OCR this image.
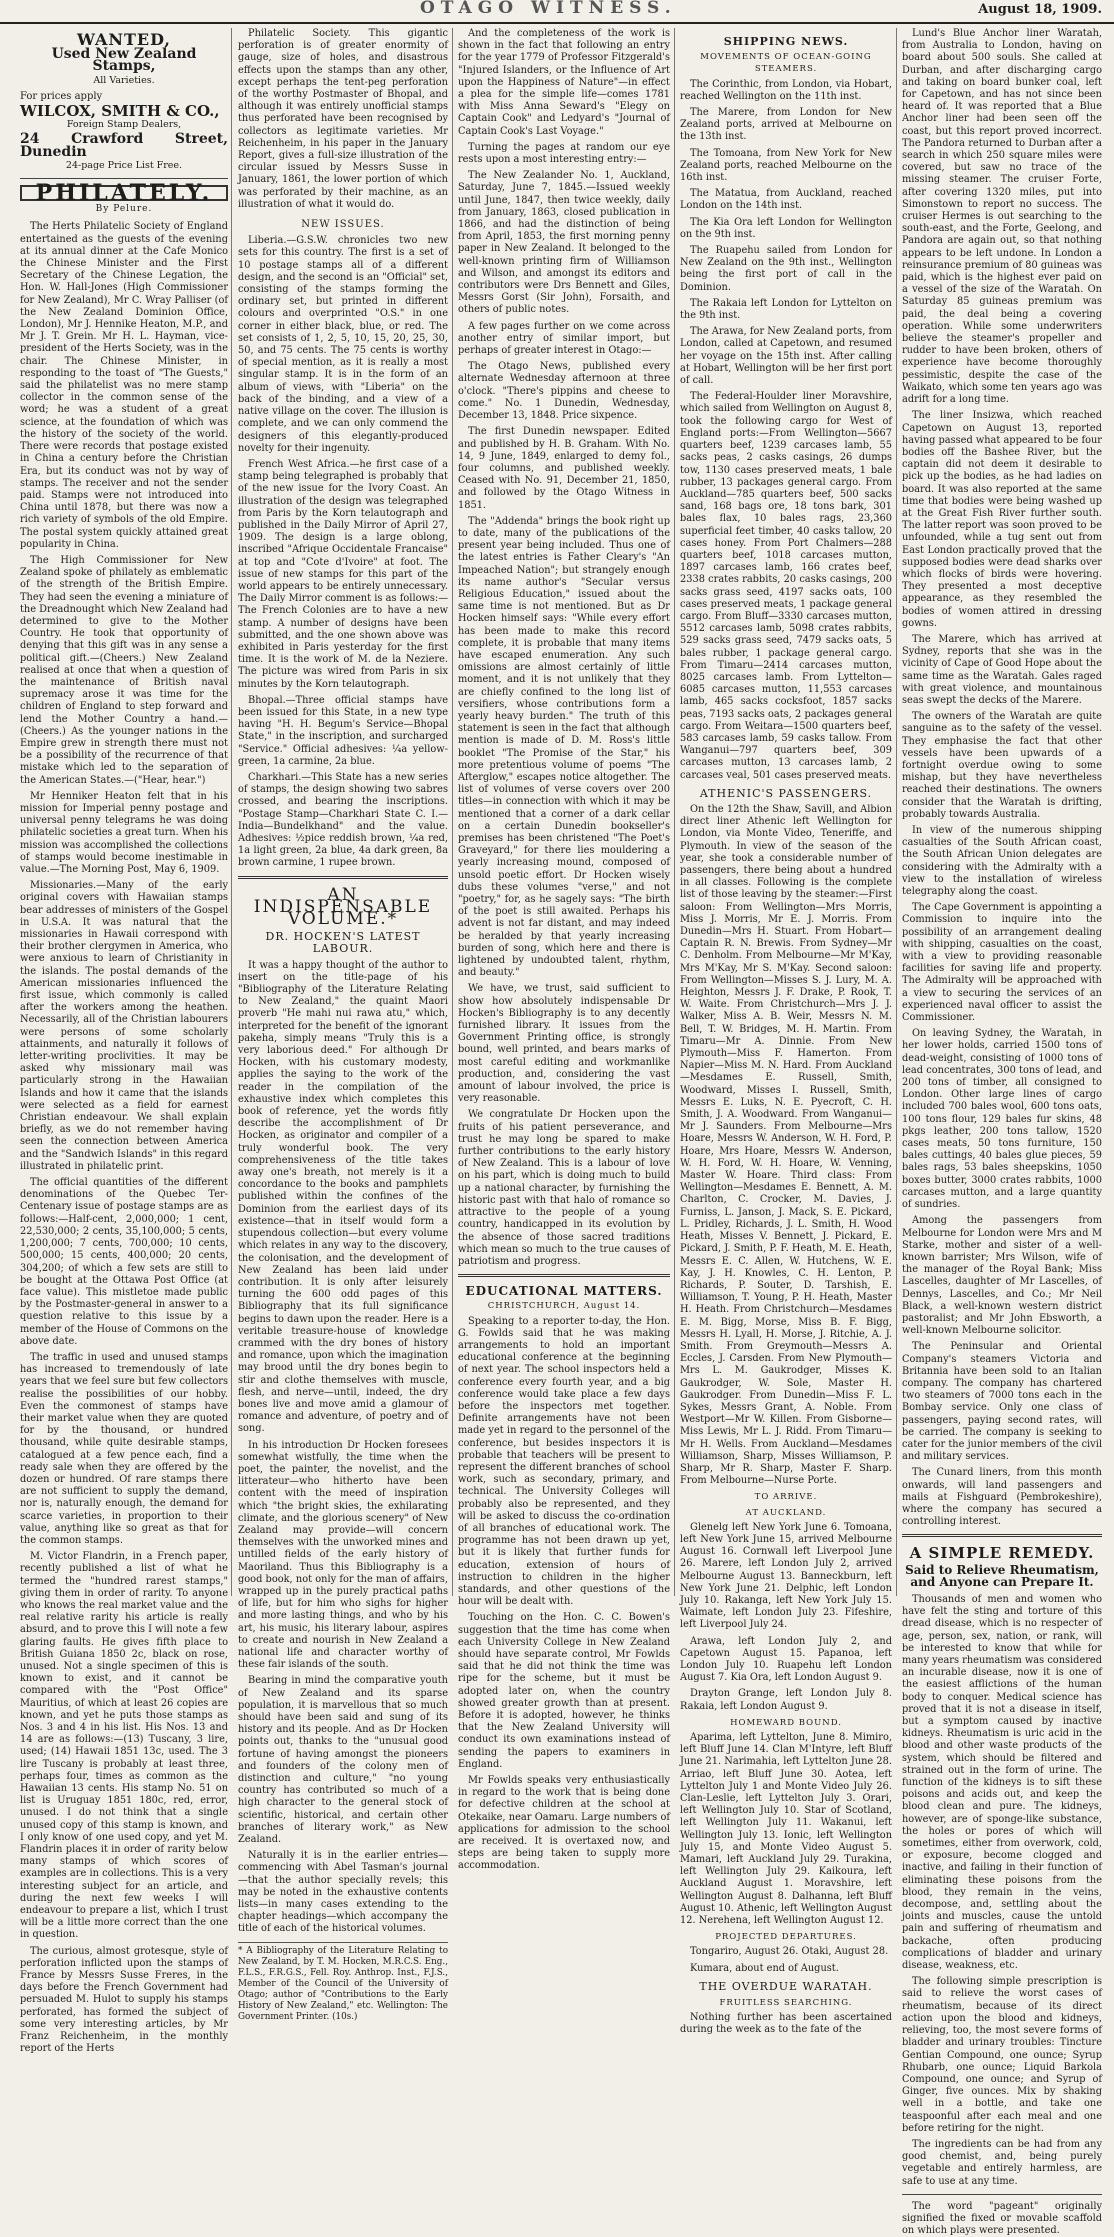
OTAGO WITNESS.	August 18, 1909.
WANTED,
Used New Zealand Stamps,
All Varieties.
For prices apply
WILCOX, SMITH & CO.,
Foreign Stamp Dealers,
24 Crawford Street, Dunedin
24-page Price List Free.
PHILATELY.
By Pelure.

The Herts Philatelic Society of England entertained as the guests of the evening at its annual dinner at the Cafe Monico the Chinese Minister and the First Secretary of the Chinese Legation, the Hon. W. Hall-Jones (High Commissioner for New Zealand), Mr C. Wray Palliser (of the New Zealand Dominion Office, London), Mr J. Hennike Heaton, M.P., and Mr J. T. Grein. Mr H. L. Hayman, vice-president of the Herts Society, was in the chair. The Chinese Minister, in responding to the toast of "The Guests," said the philatelist was no mere stamp collector in the common sense of the word; he was a student of a great science, at the foundation of which was the history of the society of the world. There were records that postage existed in China a century before the Christian Era, but its conduct was not by way of stamps. The receiver and not the sender paid. Stamps were not introduced into China until 1878, but there was now a rich variety of symbols of the old Empire. The postal system quickly attained great popularity in China.

The High Commissioner for New Zealand spoke of philately as emblematic of the strength of the British Empire. They had seen the evening a miniature of the Dreadnought which New Zealand had determined to give to the Mother Country. He took that opportunity of denying that this gift was in any sense a political gift.—(Cheers.) New Zealand realised at once that when a question of the maintenance of British naval supremacy arose it was time for the children of England to step forward and lend the Mother Country a hand.—(Cheers.) As the younger nations in the Empire grew in strength there must not be a possibility of the recurrence of that mistake which led to the separation of the American States.—("Hear, hear.")

Mr Henniker Heaton felt that in his mission for Imperial penny postage and universal penny telegrams he was doing philatelic societies a great turn. When his mission was accomplished the collections of stamps would become inestimable in value.—The Morning Post, May 6, 1909.

Missionaries.—Many of the early original covers with Hawaiian stamps bear addresses of ministers of the Gospel in U.S.A. It was natural that the missionaries in Hawaii correspond with their brother clergymen in America, who were anxious to learn of Christianity in the islands. The postal demands of the American missionaries influenced the first issue, which commonly is called after the workers among the heathen. Necessarily, all of the Christian labourers were persons of some scholarly attainments, and naturally it follows of letter-writing proclivities. It may be asked why missionary mail was particularly strong in the Hawaiian Islands and how it came that the islands were selected as a field for earnest Christian endeavour. We shall explain briefly, as we do not remember having seen the connection between America and the "Sandwich Islands" in this regard illustrated in philatelic print.

The official quantities of the different denominations of the Quebec Ter-Centenary issue of postage stamps are as follows:—Half-cent, 2,000,000; 1 cent, 22,530,000; 2 cents, 35,100,000; 5 cents, 1,200,000; 7 cents, 700,000; 10 cents, 500,000; 15 cents, 400,000; 20 cents, 304,200; of which a few sets are still to be bought at the Ottawa Post Office (at face value). This mistletoe made public by the Postmaster-general in answer to a question relative to this issue by a member of the House of Commons on the above date.

The traffic in used and unused stamps has increased to tremendously of late years that we feel sure but few collectors realise the possibilities of our hobby. Even the commonest of stamps have their market value when they are quoted for by the thousand, or hundred thousand, while quite desirable stamps, catalogued at a few pence each, find a ready sale when they are offered by the dozen or hundred. Of rare stamps there are not sufficient to supply the demand, nor is, naturally enough, the demand for scarce varieties, in proportion to their value, anything like so great as that for the common stamps.

M. Victor Flandrin, in a French paper, recently published a list of what he termed the "hundred rarest stamps," giving them in order of rarity. To anyone who knows the real market value and the real relative rarity his article is really absurd, and to prove this I will note a few glaring faults. He gives fifth place to British Guiana 1850 2c, black on rose, unused. Not a single specimen of this is known to exist, and it cannot be compared with the "Post Office" Mauritius, of which at least 26 copies are known, and yet he puts those stamps as Nos. 3 and 4 in his list. His Nos. 13 and 14 are as follows:—(13) Tuscany, 3 lire, used; (14) Hawaii 1851 13c, used. The 3 lire Tuscany is probably at least three, perhaps four, times as common as the Hawaiian 13 cents. His stamp No. 51 on list is Uruguay 1851 180c, red, error, unused. I do not think that a single unused copy of this stamp is known, and I only know of one used copy, and yet M. Flandrin places it in order of rarity below many stamps of which scores of examples are in collections. This is a very interesting subject for an article, and during the next few weeks I will endeavour to prepare a list, which I trust will be a little more correct than the one in question.

The curious, almost grotesque, style of perforation inflicted upon the stamps of France by Messrs Susse Freres, in the days before the French Government had persuaded M. Hulot to supply his stamps perforated, has formed the subject of some very interesting articles, by Mr Franz Reichenheim, in the monthly report of the Herts

Philatelic Society. This gigantic perforation is of greater enormity of gauge, size of holes, and disastrous effects upon the stamps than any other, except perhaps the tent-peg perforation of the worthy Postmaster of Bhopal, and although it was entirely unofficial stamps thus perforated have been recognised by collectors as legitimate varieties. Mr Reichenheim, in his paper in the January Report, gives a full-size illustration of the circular issued by Messrs Susse in January, 1861, the lower portion of which was perforated by their machine, as an illustration of what it would do.

NEW ISSUES.

Liberia.—G.S.W. chronicles two new sets for this country. The first is a set of 10 postage stamps all of a different design, and the second is an "Official" set, consisting of the stamps forming the ordinary set, but printed in different colours and overprinted "O.S." in one corner in either black, blue, or red. The set consists of 1, 2, 5, 10, 15, 20, 25, 30, 50, and 75 cents. The 75 cents is worthy of special mention, as it is really a most singular stamp. It is in the form of an album of views, with "Liberia" on the back of the binding, and a view of a native village on the cover. The illusion is complete, and we can only commend the designers of this elegantly-produced novelty for their ingenuity.

French West Africa.—he first case of a stamp being telegraphed is probably that of the new issue for the Ivory Coast. An illustration of the design was telegraphed from Paris by the Korn telautograph and published in the Daily Mirror of April 27, 1909. The design is a large oblong, inscribed "Afrique Occidentale Francaise" at top and "Cote d'Ivoire" at foot. The issue of new stamps for this part of the world appears to be entirely unnecessary. The Daily Mirror comment is as follows:—The French Colonies are to have a new stamp. A number of designs have been submitted, and the one shown above was exhibited in Paris yesterday for the first time. It is the work of M. de la Neziere. The picture was wired from Paris in six minutes by the Korn telautograph.

Bhopal.—Three official stamps have been issued for this State, in a new type having "H. H. Begum's Service—Bhopal State," in the inscription, and surcharged "Service." Official adhesives: ¼a yellow-green, 1a carmine, 2a blue.

Charkhari.—This State has a new series of stamps, the design showing two sabres crossed, and bearing the inscriptions. "Postage Stamp—Charkhari State C. I.—India—Bundelkhand" and the value. Adhesives: ½pice reddish brown, ¼a red, 1a light green, 2a blue, 4a dark green, 8a brown carmine, 1 rupee brown.

AN INDISPENSABLE VOLUME.*
DR. HOCKEN'S LATEST LABOUR.

It was a happy thought of the author to insert on the title-page of his "Bibliography of the Literature Relating to New Zealand," the quaint Maori proverb "He mahi nui rawa atu," which, interpreted for the benefit of the ignorant pakeha, simply means "Truly this is a very laborious deed." For although Dr Hocken, with his customary modesty, applies the saying to the work of the reader in the compilation of the exhaustive index which completes this book of reference, yet the words fitly describe the accomplishment of Dr Hocken, as originator and compiler of a truly wonderful book. The very comprehensiveness of the title takes away one's breath, not merely is it a concordance to the books and pamphlets published within the confines of the Dominion from the earliest days of its existence—that in itself would form a stupendous collection—but every volume which relates in any way to the discovery, the colonisation, and the development of New Zealand has been laid under contribution. It is only after leisurely turning the 600 odd pages of this Bibliography that its full significance begins to dawn upon the reader. Here is a veritable treasure-house of knowledge crammed with the dry bones of history and romance, upon which the imagination may brood until the dry bones begin to stir and clothe themselves with muscle, flesh, and nerve—until, indeed, the dry bones live and move amid a glamour of romance and adventure, of poetry and of song.

In his introduction Dr Hocken foresees somewhat wistfully, the time when the poet, the painter, the novelist, and the litterateur—who hitherto have been content with the meed of inspiration which "the bright skies, the exhilarating climate, and the glorious scenery" of New Zealand may provide—will concern themselves with the unworked mines and untilled fields of the early history of Maoriland. Thus this Bibliography is a good book, not only for the man of affairs, wrapped up in the purely practical paths of life, but for him who sighs for higher and more lasting things, and who by his art, his music, his literary labour, aspires to create and nourish in New Zealand a national life and character worthy of these fair islands of the south.

Bearing in mind the comparative youth of New Zealand and its sparse population, it is marvellous that so much should have been said and sung of its history and its people. And as Dr Hocken points out, thanks to the "unusual good fortune of having amongst the pioneers and founders of the colony men of distinction and culture," "no young country has contributed so much of a high character to the general stock of scientific, historical, and certain other branches of literary work," as New Zealand.

Naturally it is in the earlier entries—commencing with Abel Tasman's journal—that the author specially revels; this may be noted in the exhaustive contents lists—in many cases extending to the chapter headings—which accompany the title of each of the historical volumes.

* A Bibliography of the Literature Relating to New Zealand, by T. M. Hocken, M.R.C.S. Eng., F.L.S., F.R.G.S., Fell. Roy. Anthrop. Inst., F.J.S., Member of the Council of the University of Otago; author of "Contributions to the Early History of New Zealand," etc. Wellington: The Government Printer. (10s.)

And the completeness of the work is shown in the fact that following an entry for the year 1779 of Professor Fitzgerald's "Injured Islanders, or the Influence of Art upon the Happiness of Nature"—in effect a plea for the simple life—comes 1781 with Miss Anna Seward's "Elegy on Captain Cook" and Ledyard's "Journal of Captain Cook's Last Voyage."

Turning the pages at random our eye rests upon a most interesting entry:—

The New Zealander No. 1, Auckland, Saturday, June 7, 1845.—Issued weekly until June, 1847, then twice weekly, daily from January, 1863, closed publication in 1866, and had the distinction of being from April, 1853, the first morning penny paper in New Zealand. It belonged to the well-known printing firm of Williamson and Wilson, and amongst its editors and contributors were Drs Bennett and Giles, Messrs Gorst (Sir John), Forsaith, and others of public notes.

A few pages further on we come across another entry of similar import, but perhaps of greater interest in Otago:—

The Otago News, published every alternate Wednesday afternoon at three o'clock. "There's pippins and cheese to come." No. 1 Dunedin, Wednesday, December 13, 1848. Price sixpence.

The first Dunedin newspaper. Edited and published by H. B. Graham. With No. 14, 9 June, 1849, enlarged to demy fol., four columns, and published weekly. Ceased with No. 91, December 21, 1850, and followed by the Otago Witness in 1851.

The "Addenda" brings the book right up to date, many of the publications of the present year being included. Thus one of the latest entries is Father Cleary's "An Impeached Nation"; but strangely enough its name author's "Secular versus Religious Education," issued about the same time is not mentioned. But as Dr Hocken himself says: "While every effort has been made to make this record complete, it is probable that many items have escaped enumeration. Any such omissions are almost certainly of little moment, and it is not unlikely that they are chiefly confined to the long list of versifiers, whose contributions form a yearly heavy burden." The truth of this statement is seen in the fact that although mention is made of D. M. Ross's little booklet "The Promise of the Star," his more pretentious volume of poems "The Afterglow," escapes notice altogether. The list of volumes of verse covers over 200 titles—in connection with which it may be mentioned that a corner of a dark cellar on a certain Dunedin bookseller's premises has been christened "The Poet's Graveyard," for there lies mouldering a yearly increasing mound, composed of unsold poetic effort. Dr Hocken wisely dubs these volumes "verse," and not "poetry," for, as he sagely says: "The birth of the poet is still awaited. Perhaps his advent is not far distant, and may indeed be heralded by that yearly increasing burden of song, which here and there is lightened by undoubted talent, rhythm, and beauty."

We have, we trust, said sufficient to show how absolutely indispensable Dr Hocken's Bibliography is to any decently furnished library. It issues from the Government Printing office, is strongly bound, well printed, and bears marks of most careful editing and workmanlike production, and, considering the vast amount of labour involved, the price is very reasonable.

We congratulate Dr Hocken upon the fruits of his patient perseverance, and trust he may long be spared to make further contributions to the early history of New Zealand. This is a labour of love on his part, which is doing much to build up a national character, by furnishing the historic past with that halo of romance so attractive to the people of a young country, handicapped in its evolution by the absence of those sacred traditions which mean so much to the true causes of patriotism and progress.

EDUCATIONAL MATTERS.
CHRISTCHURCH, August 14.

Speaking to a reporter to-day, the Hon. G. Fowlds said that he was making arrangements to hold an important educational conference at the beginning of next year. The school inspectors held a conference every fourth year, and a big conference would take place a few days before the inspectors met together. Definite arrangements have not been made yet in regard to the personnel of the conference, but besides inspectors it is probable that teachers will be present to represent the different branches of school work, such as secondary, primary, and technical. The University Colleges will probably also be represented, and they will be asked to discuss the co-ordination of all branches of educational work. The programme has not been drawn up yet, but it is likely that further funds for education, extension of hours of instruction to children in the higher standards, and other questions of the hour will be dealt with.

Touching on the Hon. C. C. Bowen's suggestion that the time has come when each University College in New Zealand should have separate control, Mr Fowlds said that he did not think the time was ripe for the scheme, but it must be adopted later on, when the country showed greater growth than at present. Before it is adopted, however, he thinks that the New Zealand University will conduct its own examinations instead of sending the papers to examiners in England.

Mr Fowlds speaks very enthusiastically in regard to the work that is being done for defective children at the school at Otekaike, near Oamaru. Large numbers of applications for admission to the school are received. It is overtaxed now, and steps are being taken to supply more accommodation.

SHIPPING NEWS.
MOVEMENTS OF OCEAN-GOING STEAMERS.

The Corinthic, from London, via Hobart, reached Wellington on the 11th inst.

The Marere, from London for New Zealand ports, arrived at Melbourne on the 13th inst.

The Tomoana, from New York for New Zealand ports, reached Melbourne on the 16th inst.

The Matatua, from Auckland, reached London on the 14th inst.

The Kia Ora left London for Wellington on the 9th inst.

The Ruapehu sailed from London for New Zealand on the 9th inst., Wellington being the first port of call in the Dominion.

The Rakaia left London for Lyttelton on the 9th inst.

The Arawa, for New Zealand ports, from London, called at Capetown, and resumed her voyage on the 15th inst. After calling at Hobart, Wellington will be her first port of call.

The Federal-Houlder liner Moravshire, which sailed from Wellington on August 8, took the following cargo for West of England ports:—From Wellington—5667 quarters beef, 1239 carcases lamb, 55 sacks peas, 2 casks casings, 26 dumps tow, 1130 cases preserved meats, 1 bale rubber, 13 packages general cargo. From Auckland—785 quarters beef, 500 sacks sand, 168 bags ore, 18 tons bark, 301 bales flax, 10 bales rags, 23,360 superficial feet timber, 40 casks tallow, 20 cases honey. From Port Chalmers—288 quarters beef, 1018 carcases mutton, 1897 carcases lamb, 166 crates beef, 2338 crates rabbits, 20 casks casings, 200 sacks grass seed, 4197 sacks oats, 100 cases preserved meats, 1 package general cargo. From Bluff—3330 carcases mutton, 5512 carcases lamb, 5098 crates rabbits, 529 sacks grass seed, 7479 sacks oats, 5 bales rubber, 1 package general cargo. From Timaru—2414 carcases mutton, 8025 carcases lamb. From Lyttelton—6085 carcases mutton, 11,553 carcases lamb, 465 sacks cocksfoot, 1857 sacks peas, 7193 sacks oats, 2 packages general cargo. From Weitara—1500 quarters beef, 583 carcases lamb, 59 casks tallow. From Wanganui—797 quarters beef, 309 carcases mutton, 13 carcases lamb, 2 carcases veal, 501 cases preserved meats.

ATHENIC'S PASSENGERS.

On the 12th the Shaw, Savill, and Albion direct liner Athenic left Wellington for London, via Monte Video, Teneriffe, and Plymouth. In view of the season of the year, she took a considerable number of passengers, there being about a hundred in all classes. Following is the complete list of those leaving by the steamer:—First saloon: From Wellington—Mrs Morris, Miss J. Morris, Mr E. J. Morris. From Dunedin—Mrs H. Stuart. From Hobart—Captain R. N. Brewis. From Sydney—Mr C. Denholm. From Melbourne—Mr M'Kay, Mrs M'Kay, Mr S. M'Kay. Second saloon: From Wellington—Misses S. J. Lury, M. A. Heighton, Messrs J. F. Drake, P. Rook, T. W. Waite. From Christchurch—Mrs J. J. Walker, Miss A. B. Weir, Messrs N. M. Bell, T. W. Bridges, M. H. Martin. From Timaru—Mr A. Dinnie. From New Plymouth—Miss F. Hamerton. From Napier—Miss M. N. Hard. From Auckland—Mesdames E. Russell, Smith, Woodward, Misses I. Russell, Smith, Messrs E. Luks, N. E. Pyecroft, C. H. Smith, J. A. Woodward. From Wanganui—Mr J. Saunders. From Melbourne—Mrs Hoare, Messrs W. Anderson, W. H. Ford, P. Hoare, Mrs Hoare, Messrs W. Anderson, W. H. Ford, W. H. Hoare, W. Venning, Master W. Hoare. Third class: From Wellington—Mesdames E. Bennett, A. M. Charlton, C. Crocker, M. Davies, J. Furniss, L. Janson, J. Mack, S. E. Pickard, L. Pridley, Richards, J. L. Smith, H. Wood Heath, Misses V. Bennett, J. Pickard, E. Pickard, J. Smith, P. F. Heath, M. E. Heath, Messrs E. C. Allen, W. Hutchens, W. E. Kay, J. H. Knowles, C. H. Lenton, P. Richards, P. Souter, D. Tarshish, E. Williamson, T. Young, P. H. Heath, Master H. Heath. From Christchurch—Mesdames E. M. Bigg, Morse, Miss B. F. Bigg, Messrs H. Lyall, H. Morse, J. Ritchie, A. J. Smith. From Greymouth—Messrs A. Eccles, J. Carsden. From New Plymouth—Mrs L. M. Gaukrodger, Misses K. Gaukrodger, W. Sole, Master H. Gaukrodger. From Dunedin—Miss F. L. Sykes, Messrs Grant, A. Noble. From Westport—Mr W. Killen. From Gisborne—Miss Lewis, Mr L. J. Ridd. From Timaru—Mr H. Wells. From Auckland—Mesdames Williamson, Sharp, Misses Williamson, P. Sharp, Mr R. Sharp, Master F. Sharp. From Melbourne—Nurse Porte.

TO ARRIVE.
AT AUCKLAND.

Glenelg left New York June 6. Tomoana, left New York June 15, arrived Melbourne August 16. Cornwall left Liverpool June 26. Marere, left London July 2, arrived Melbourne August 13. Banneckburn, left New York June 21. Delphic, left London July 10. Rakanga, left New York July 15. Waimate, left London July 23. Fifeshire, left Liverpool July 24.

Arawa, left London July 2, and Capetown August 15. Papanoa, left London July 10. Ruapehu left London August 7. Kia Ora, left London August 9.

Drayton Grange, left London July 8. Rakaia, left London August 9.

HOMEWARD BOUND.

Aparima, left Lyttelton, June 8. Mimiro, left Bluff June 14. Clan M'Intyre, left Bluff June 21. Narimahia, left Lyttelton June 28. Arriao, left Bluff June 30. Aotea, left Lyttelton July 1 and Monte Video July 26. Clan-Leslie, left Lyttelton July 3. Orari, left Wellington July 10. Star of Scotland, left Wellington July 11. Wakanui, left Wellington July 13. Ionic, left Wellington July 15, and Monte Video August 5. Mamari, left Auckland July 29. Turakina, left Wellington July 29. Kaikoura, left Auckland August 1. Moravshire, left Wellington August 8. Dalhanna, left Bluff August 10. Athenic, left Wellington August 12. Nerehena, left Wellington August 12.

PROJECTED DEPARTURES.

Tongariro, August 26. Otaki, August 28.

Kumara, about end of August.

THE OVERDUE WARATAH.
FRUITLESS SEARCHING.

Nothing further has been ascertained during the week as to the fate of the

Lund's Blue Anchor liner Waratah, from Australia to London, having on board about 500 souls. She called at Durban, and after discharging cargo and taking on board bunker coal, left for Capetown, and has not since been heard of. It was reported that a Blue Anchor liner had been seen off the coast, but this report proved incorrect. The Pandora returned to Durban after a search in which 250 square miles were covered, but saw no trace of the missing steamer. The cruiser Forte, after covering 1320 miles, put into Simonstown to report no success. The cruiser Hermes is out searching to the south-east, and the Forte, Geelong, and Pandora are again out, so that nothing appears to be left undone. In London a reinsurance premium of 80 guineas was paid, which is the highest ever paid on a vessel of the size of the Waratah. On Saturday 85 guineas premium was paid, the deal being a covering operation. While some underwriters believe the steamer's propeller and rudder to have been broken, others of experience have become thoroughly pessimistic, despite the case of the Waikato, which some ten years ago was adrift for a long time.

The liner Insizwa, which reached Capetown on August 13, reported having passed what appeared to be four bodies off the Bashee River, but the captain did not deem it desirable to pick up the bodies, as he had ladies on board. It was also reported at the same time that bodies were being washed up at the Great Fish River further south. The latter report was soon proved to be unfounded, while a tug sent out from East London practically proved that the supposed bodies were dead sharks over which flocks of birds were hovering. They presented a most deceptive appearance, as they resembled the bodies of women attired in dressing gowns.

The Marere, which has arrived at Sydney, reports that she was in the vicinity of Cape of Good Hope about the same time as the Waratah. Gales raged with great violence, and mountainous seas swept the decks of the Marere.

The owners of the Waratah are quite sanguine as to the safety of the vessel. They emphasise the fact that other vessels have been upwards of a fortnight overdue owing to some mishap, but they have nevertheless reached their destinations. The owners consider that the Waratah is drifting, probably towards Australia.

In view of the numerous shipping casualties of the South African coast, the South African Union delegates are considering with the Admiralty with a view to the installation of wireless telegraphy along the coast.

The Cape Government is appointing a Commission to inquire into the possibility of an arrangement dealing with shipping, casualties on the coast, with a view to providing reasonable facilities for saving life and property. The Admiralty will be approached with a view to securing the services of an experienced naval officer to assist the Commissioner.

On leaving Sydney, the Waratah, in her lower holds, carried 1500 tons of dead-weight, consisting of 1000 tons of lead concentrates, 300 tons of lead, and 200 tons of timber, all consigned to London. Other large lines of cargo included 700 bales wool, 600 tons oats, 100 tons flour, 129 bales fur skins, 48 pkgs leather, 200 tons tallow, 1520 cases meats, 50 tons furniture, 150 bales cuttings, 40 bales glue pieces, 59 bales rags, 53 bales sheepskins, 1050 boxes butter, 3000 crates rabbits, 1000 carcases mutton, and a large quantity of sundries.

Among the passengers from Melbourne for London were Mrs and M Starke, mother and sister of a well-known barrister; Mrs Wilson, wife of the manager of the Royal Bank; Miss Lascelles, daughter of Mr Lascelles, of Dennys, Lascelles, and Co.; Mr Neil Black, a well-known western district pastoralist; and Mr John Ebsworth, a well-known Melbourne solicitor.

The Peninsular and Oriental Company's steamers Victoria and Britannia have been sold to an Italian company. The company has chartered two steamers of 7000 tons each in the Bombay service. Only one class of passengers, paying second rates, will be carried. The company is seeking to cater for the junior members of the civil and military services.

The Cunard liners, from this month onwards, will land passengers and mails at Fishguard (Pembrokeshire), where the company has secured a controlling interest.

A SIMPLE REMEDY.
Said to Relieve Rheumatism, and Anyone can Prepare It.

Thousands of men and women who have felt the sting and torture of this dread disease, which is no respecter of age, person, sex, nation, or rank, will be interested to know that while for many years rheumatism was considered an incurable disease, now it is one of the easiest afflictions of the human body to conquer. Medical science has proved that it is not a disease in itself, but a symptom caused by inactive kidneys. Rheumatism is uric acid in the blood and other waste products of the system, which should be filtered and strained out in the form of urine. The function of the kidneys is to sift these poisons and acids out, and keep the blood clean and pure. The kidneys, however, are of sponge-like substance, the holes or pores of which will sometimes, either from overwork, cold, or exposure, become clogged and inactive, and failing in their function of eliminating these poisons from the blood, they remain in the veins, decompose, and, settling about the joints and muscles, cause the untold pain and suffering of rheumatism and backache, often producing complications of bladder and urinary disease, weakness, etc.

The following simple prescription is said to relieve the worst cases of rheumatism, because of its direct action upon the blood and kidneys, relieving, too, the most severe forms of bladder and urinary troubles: Tincture Gentian Compound, one ounce; Syrup Rhubarb, one ounce; Liquid Barkola Compound, one ounce; and Syrup of Ginger, five ounces. Mix by shaking well in a bottle, and take one teaspoonful after each meal and one before retiring for the night.

The ingredients can be had from any good chemist, and, being purely vegetable and entirely harmless, are safe to use at any time.

The word "pageant" originally signified the fixed or movable scaffold on which plays were presented.
